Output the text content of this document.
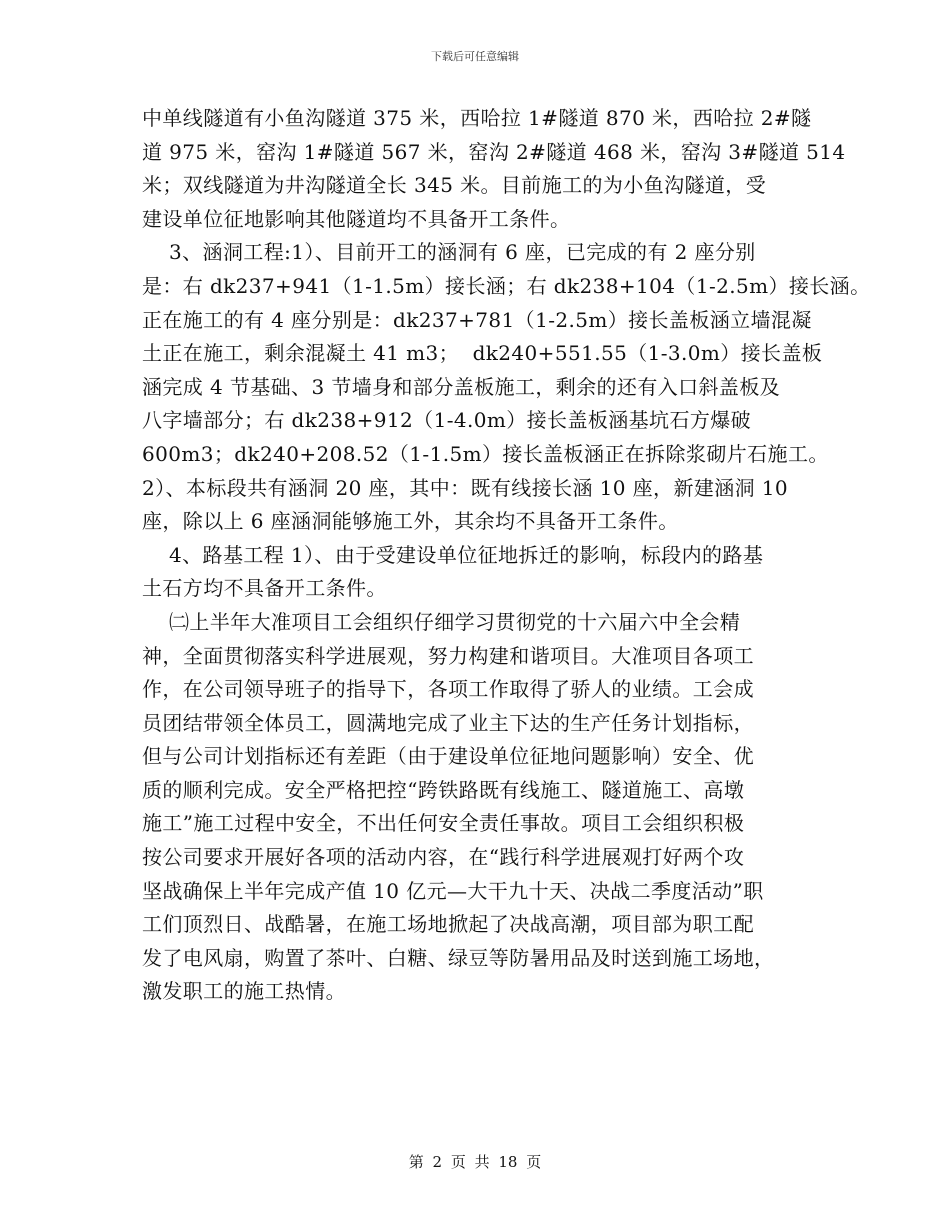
下载后可任意编辑
中单线隧道有小鱼沟隧道 375 米，西哈拉 1#隧道 870 米，西哈拉 2#隧
道 975 米，窑沟 1#隧道 567 米，窑沟 2#隧道 468 米，窑沟 3#隧道 514
米；双线隧道为井沟隧道全长 345 米。目前施工的为小鱼沟隧道，受
建设单位征地影响其他隧道均不具备开工条件。
3、涵洞工程:1）、目前开工的涵洞有 6 座，已完成的有 2 座分别
是：右 dk237+941（1-1.5m）接长涵；右 dk238+104（1-2.5m）接长涵。
正在施工的有 4 座分别是：dk237+781（1-2.5m）接长盖板涵立墙混凝
土正在施工，剩余混凝土 41 m3；  dk240+551.55（1-3.0m）接长盖板
涵完成 4 节基础、3 节墙身和部分盖板施工，剩余的还有入口斜盖板及
八字墙部分；右 dk238+912（1-4.0m）接长盖板涵基坑石方爆破
600m3；dk240+208.52（1-1.5m）接长盖板涵正在拆除浆砌片石施工。
2）、本标段共有涵洞 20 座，其中：既有线接长涵 10 座，新建涵洞 10
座，除以上 6 座涵洞能够施工外，其余均不具备开工条件。
4、路基工程 1）、由于受建设单位征地拆迁的影响，标段内的路基
土石方均不具备开工条件。
㈡上半年大准项目工会组织仔细学习贯彻党的十六届六中全会精
神，全面贯彻落实科学进展观，努力构建和谐项目。大准项目各项工
作，在公司领导班子的指导下，各项工作取得了骄人的业绩。工会成
员团结带领全体员工，圆满地完成了业主下达的生产任务计划指标，
但与公司计划指标还有差距（由于建设单位征地问题影响）安全、优
质的顺利完成。安全严格把控“跨铁路既有线施工、隧道施工、高墩
施工”施工过程中安全，不出任何安全责任事故。项目工会组织积极
按公司要求开展好各项的活动内容，在“践行科学进展观打好两个攻
坚战确保上半年完成产值 10 亿元—大干九十天、决战二季度活动”职
工们顶烈日、战酷暑，在施工场地掀起了决战高潮，项目部为职工配
发了电风扇，购置了茶叶、白糖、绿豆等防暑用品及时送到施工场地，
激发职工的施工热情。
第 2 页 共 18 页
